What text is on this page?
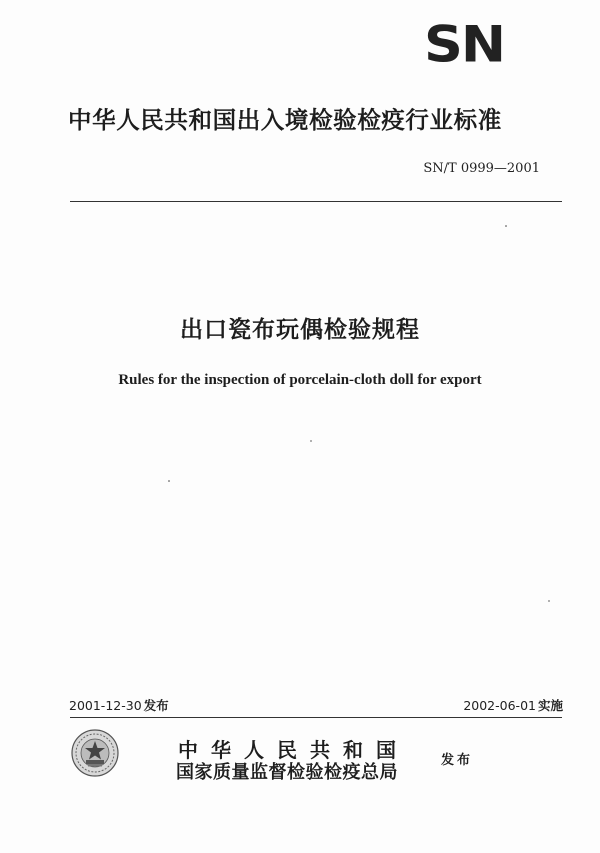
SN
中华人民共和国出入境检验检疫行业标准
SN/T 0999—2001
出口瓷布玩偶检验规程
Rules for the inspection of porcelain-cloth doll for export
2001-12-30 发布	2002-06-01 实施
中华人民共和国
国家质量监督检验检疫总局
发布
